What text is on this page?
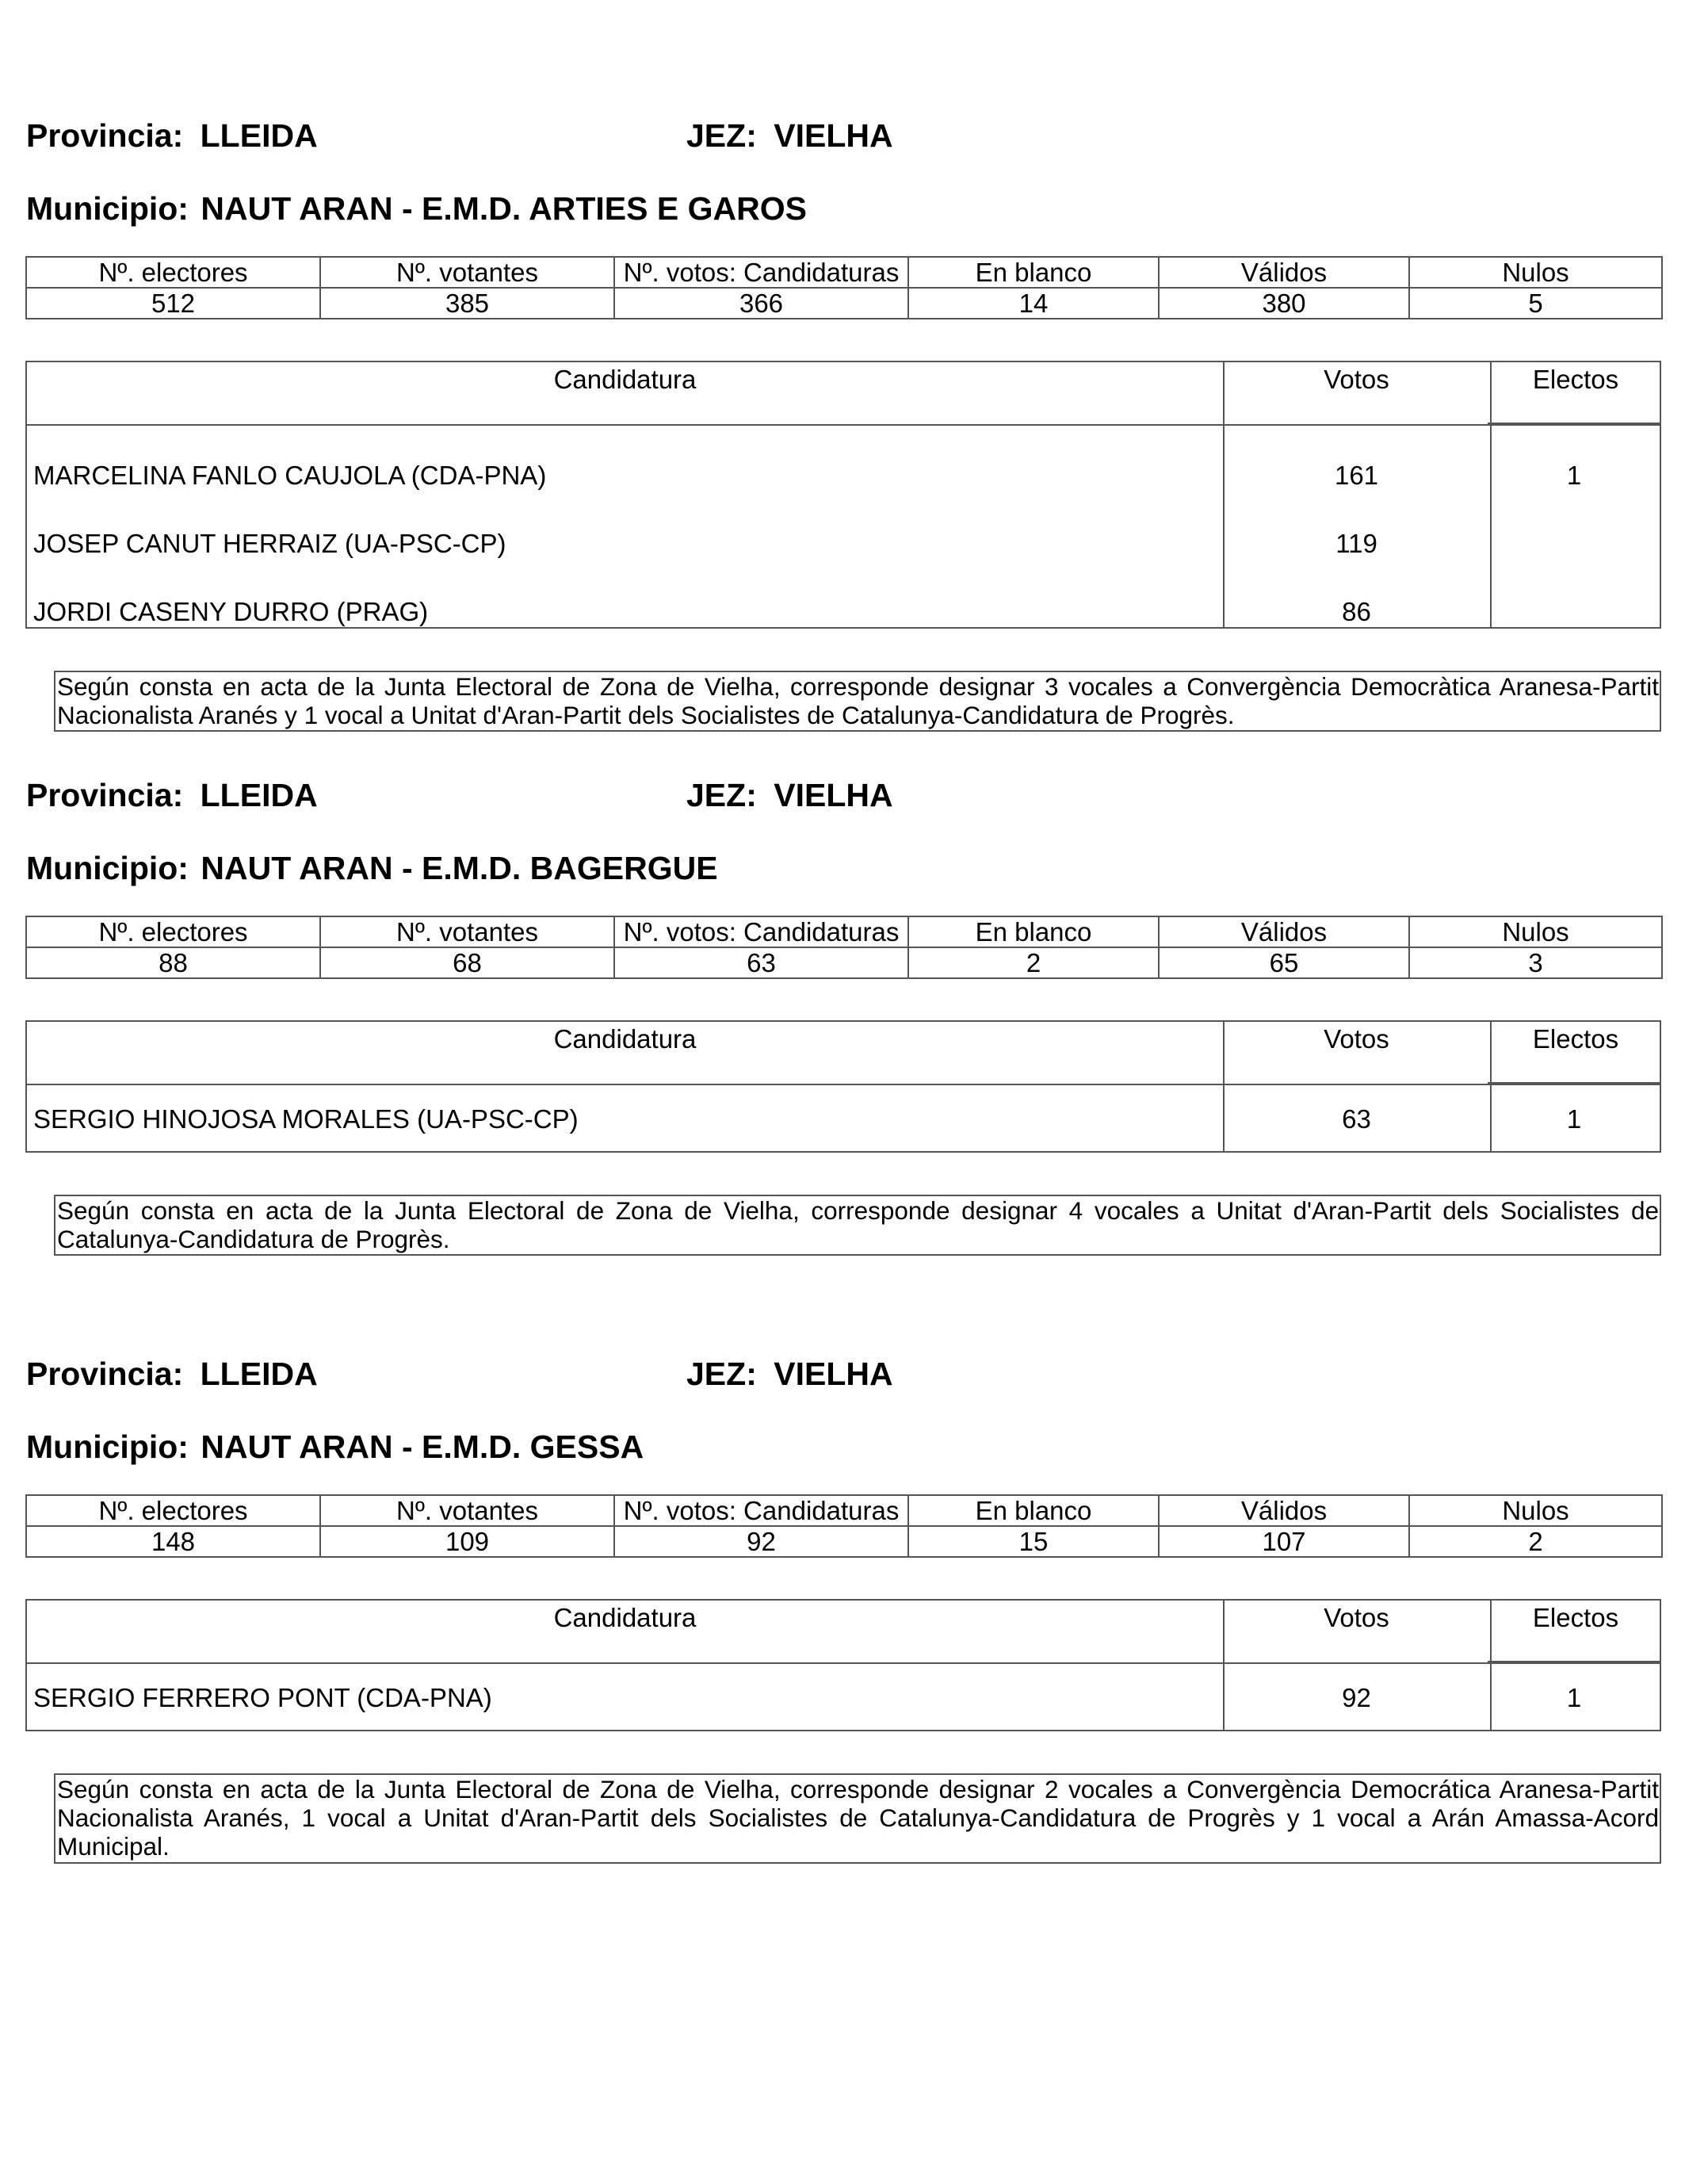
Provincia: LLEIDA	JEZ: VIELHA
Municipio: NAUT ARAN - E.M.D. ARTIES E GAROS
Nº. electores	Nº. votantes	Nº. votos: Candidaturas	En blanco	Válidos	Nulos
512	385	366	14	380	5
Candidatura	Votos	Electos
MARCELINA FANLO CAUJOLA (CDA-PNA)	161	1
JOSEP CANUT HERRAIZ (UA-PSC-CP)	119
JORDI CASENY DURRO (PRAG)	86
Según consta en acta de la Junta Electoral de Zona de Vielha, corresponde designar 3 vocales a Convergència Democràtica Aranesa-Partit Nacionalista Aranés y 1 vocal a Unitat d'Aran-Partit dels Socialistes de Catalunya-Candidatura de Progrès.
Provincia: LLEIDA	JEZ: VIELHA
Municipio: NAUT ARAN - E.M.D. BAGERGUE
Nº. electores	Nº. votantes	Nº. votos: Candidaturas	En blanco	Válidos	Nulos
88	68	63	2	65	3
Candidatura	Votos	Electos
SERGIO HINOJOSA MORALES (UA-PSC-CP)	63	1
Según consta en acta de la Junta Electoral de Zona de Vielha, corresponde designar 4 vocales a Unitat d'Aran-Partit dels Socialistes de Catalunya-Candidatura de Progrès.
Provincia: LLEIDA	JEZ: VIELHA
Municipio: NAUT ARAN - E.M.D. GESSA
Nº. electores	Nº. votantes	Nº. votos: Candidaturas	En blanco	Válidos	Nulos
148	109	92	15	107	2
Candidatura	Votos	Electos
SERGIO FERRERO PONT (CDA-PNA)	92	1
Según consta en acta de la Junta Electoral de Zona de Vielha, corresponde designar 2 vocales a Convergència Democrática Aranesa-Partit Nacionalista Aranés, 1 vocal a Unitat d'Aran-Partit dels Socialistes de Catalunya-Candidatura de Progrès y 1 vocal a Arán Amassa-Acord Municipal.
